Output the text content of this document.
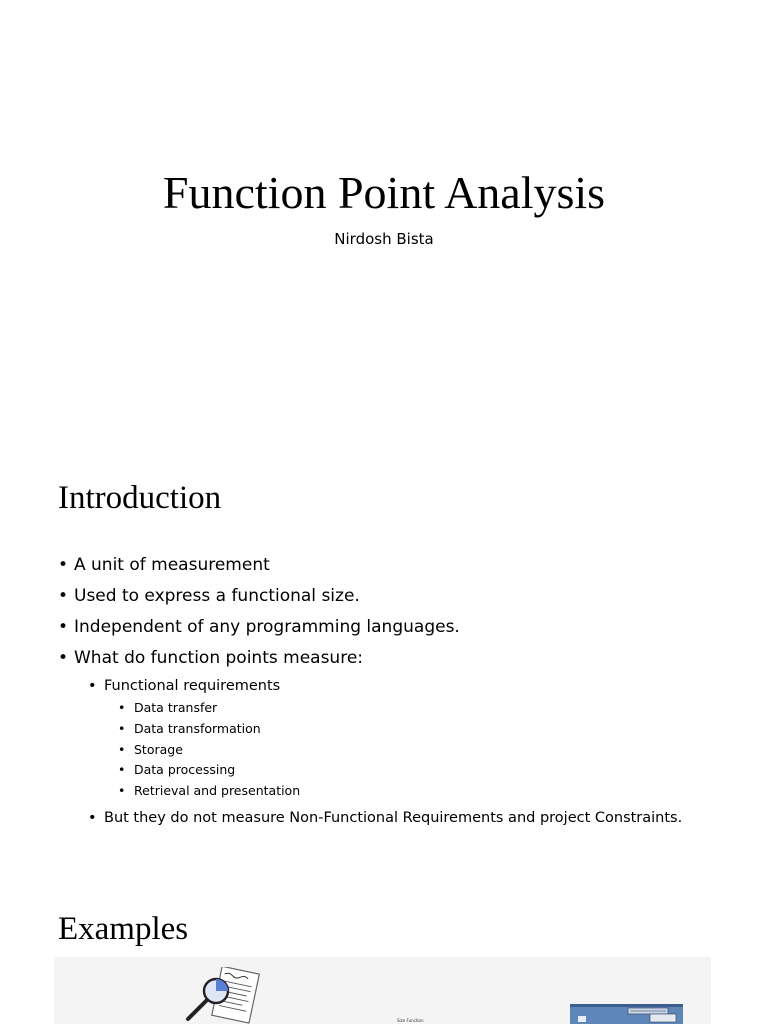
Function Point Analysis
Nirdosh Bista
Introduction
• A unit of measurement
• Used to express a functional size.
• Independent of any programming languages.
• What do function points measure:
• Functional requirements
• Data transfer
• Data transformation
• Storage
• Data processing
• Retrieval and presentation
• But they do not measure Non-Functional Requirements and project Constraints.
Examples
Size Function
